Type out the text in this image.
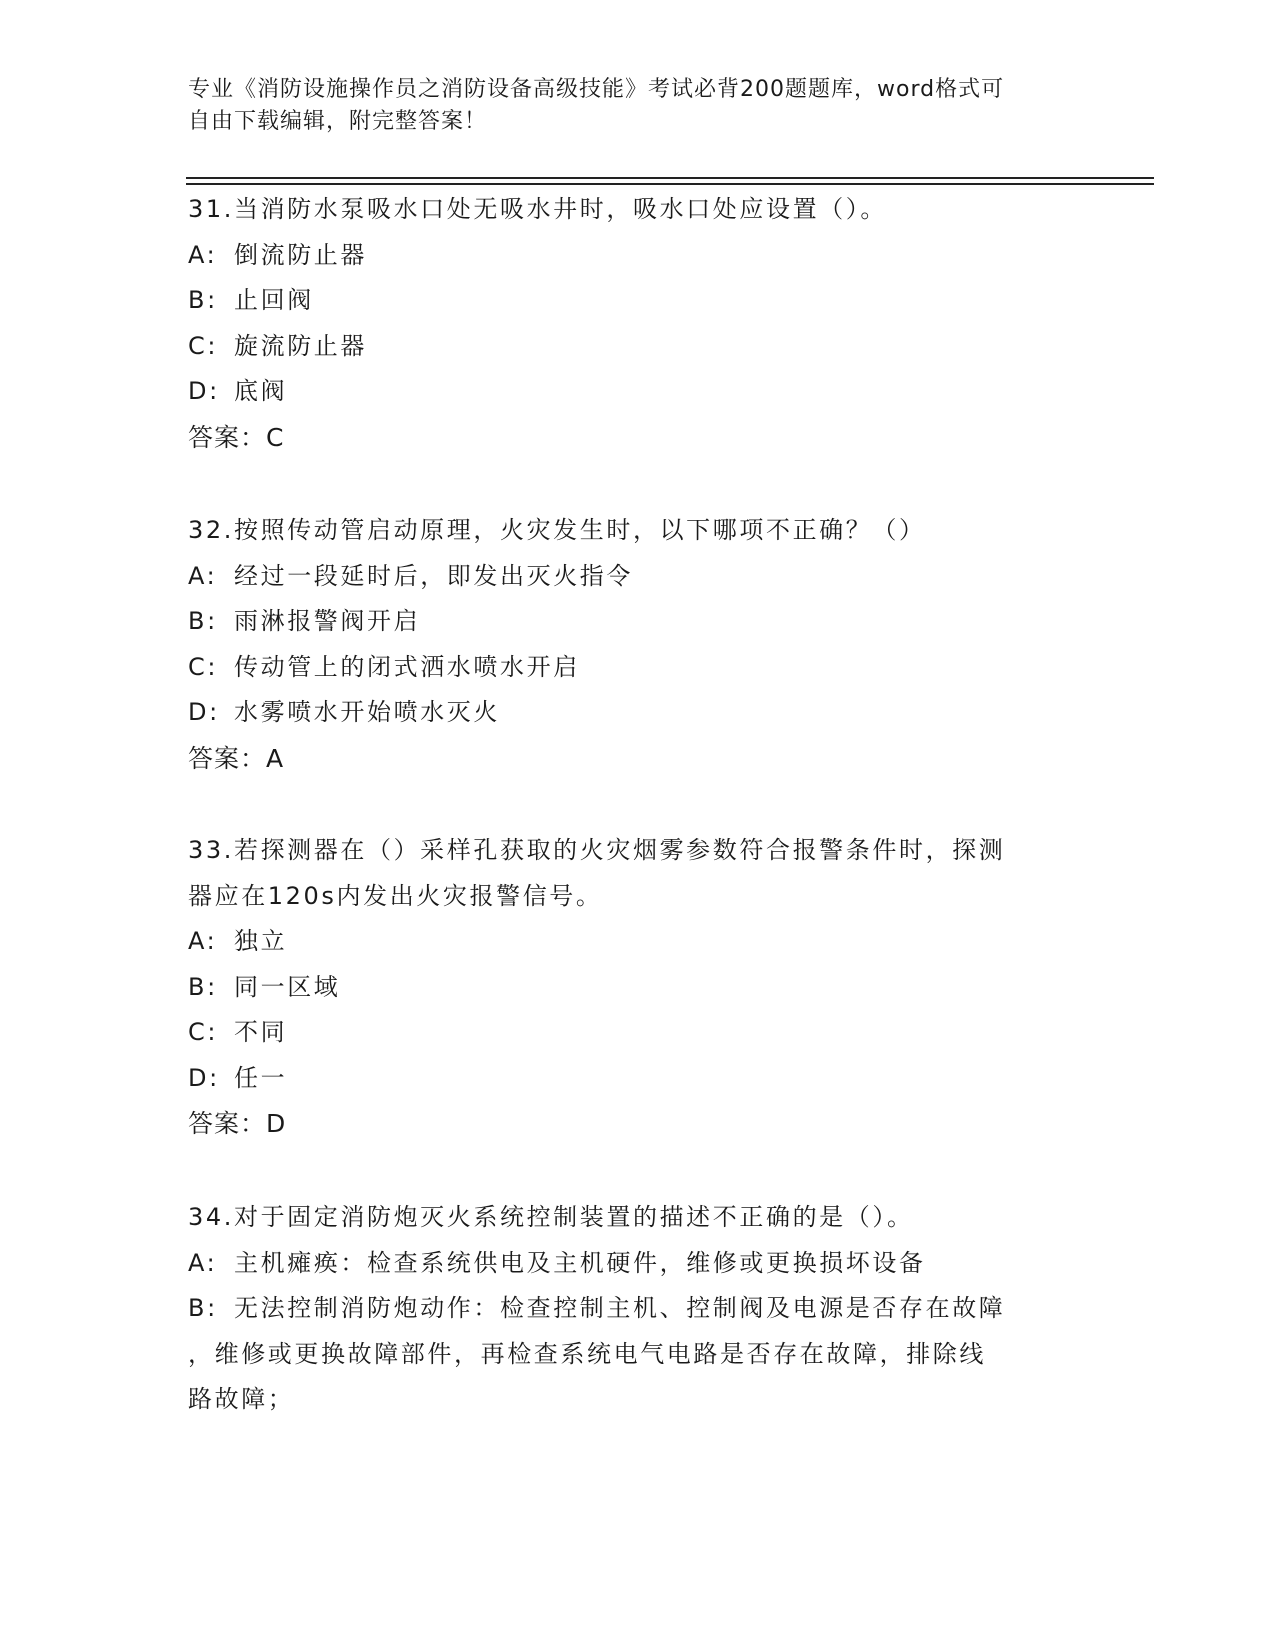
专业《消防设施操作员之消防设备高级技能》考试必背200题题库，word格式可
自由下载编辑，附完整答案！
31.当消防水泵吸水口处无吸水井时，吸水口处应设置（）。
A: 倒流防止器
B: 止回阀
C: 旋流防止器
D: 底阀
答案：C
32.按照传动管启动原理，火灾发生时，以下哪项不正确？（）
A: 经过一段延时后，即发出灭火指令
B: 雨淋报警阀开启
C: 传动管上的闭式洒水喷水开启
D: 水雾喷水开始喷水灭火
答案：A
33.若探测器在（）采样孔获取的火灾烟雾参数符合报警条件时，探测
器应在120s内发出火灾报警信号。
A: 独立
B: 同一区域
C: 不同
D: 任一
答案：D
34.对于固定消防炮灭火系统控制装置的描述不正确的是（）。
A: 主机瘫痪：检查系统供电及主机硬件，维修或更换损坏设备
B: 无法控制消防炮动作：检查控制主机、控制阀及电源是否存在故障
，维修或更换故障部件，再检查系统电气电路是否存在故障，排除线
路故障；
